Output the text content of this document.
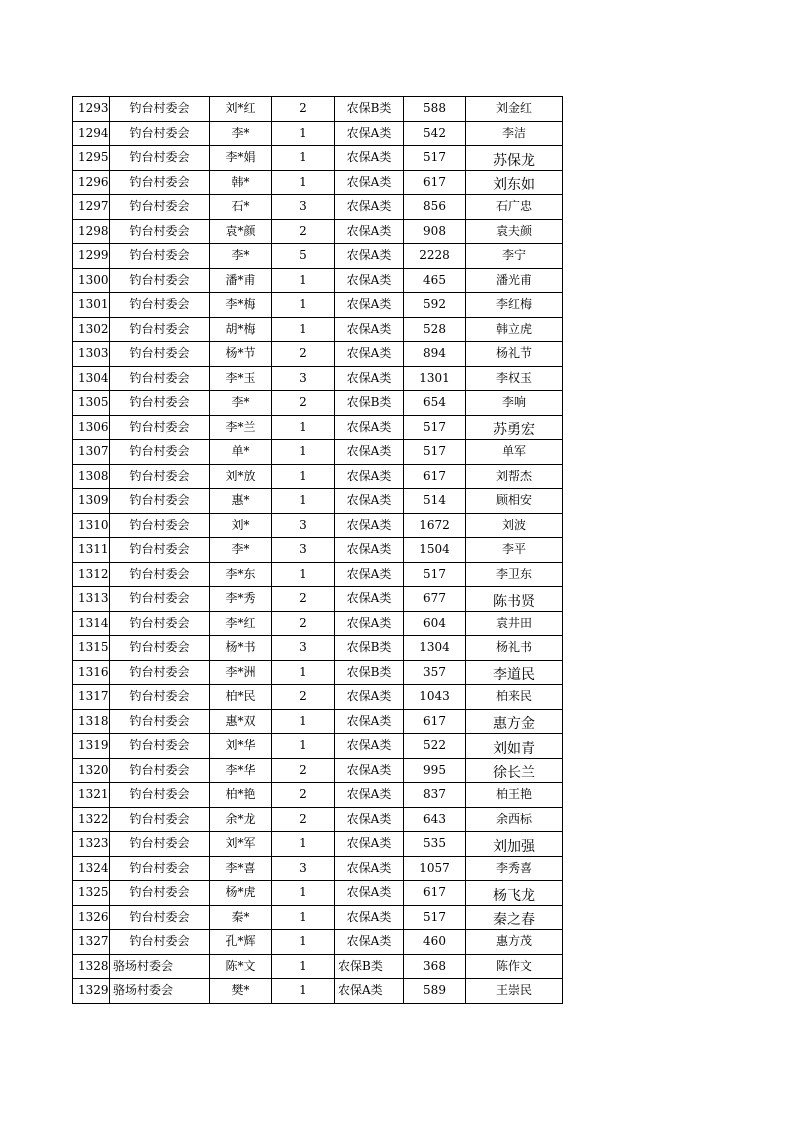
1293	钓台村委会	刘*红	2	农保B类	588	刘金红
1294	钓台村委会	李*	1	农保A类	542	李洁
1295	钓台村委会	李*娟	1	农保A类	517	苏保龙
1296	钓台村委会	韩*	1	农保A类	617	刘东如
1297	钓台村委会	石*	3	农保A类	856	石广忠
1298	钓台村委会	袁*颜	2	农保A类	908	袁夫颜
1299	钓台村委会	李*	5	农保A类	2228	李宁
1300	钓台村委会	潘*甫	1	农保A类	465	潘光甫
1301	钓台村委会	李*梅	1	农保A类	592	李红梅
1302	钓台村委会	胡*梅	1	农保A类	528	韩立虎
1303	钓台村委会	杨*节	2	农保A类	894	杨礼节
1304	钓台村委会	李*玉	3	农保A类	1301	李权玉
1305	钓台村委会	李*	2	农保B类	654	李响
1306	钓台村委会	李*兰	1	农保A类	517	苏勇宏
1307	钓台村委会	单*	1	农保A类	517	单军
1308	钓台村委会	刘*放	1	农保A类	617	刘帮杰
1309	钓台村委会	惠*	1	农保A类	514	顾相安
1310	钓台村委会	刘*	3	农保A类	1672	刘波
1311	钓台村委会	李*	3	农保A类	1504	李平
1312	钓台村委会	李*东	1	农保A类	517	李卫东
1313	钓台村委会	李*秀	2	农保A类	677	陈书贤
1314	钓台村委会	李*红	2	农保A类	604	袁井田
1315	钓台村委会	杨*书	3	农保B类	1304	杨礼书
1316	钓台村委会	李*洲	1	农保B类	357	李道民
1317	钓台村委会	柏*民	2	农保A类	1043	柏来民
1318	钓台村委会	惠*双	1	农保A类	617	惠方金
1319	钓台村委会	刘*华	1	农保A类	522	刘如青
1320	钓台村委会	李*华	2	农保A类	995	徐长兰
1321	钓台村委会	柏*艳	2	农保A类	837	柏王艳
1322	钓台村委会	余*龙	2	农保A类	643	余西标
1323	钓台村委会	刘*军	1	农保A类	535	刘加强
1324	钓台村委会	李*喜	3	农保A类	1057	李秀喜
1325	钓台村委会	杨*虎	1	农保A类	617	杨飞龙
1326	钓台村委会	秦*	1	农保A类	517	秦之春
1327	钓台村委会	孔*辉	1	农保A类	460	惠方茂
1328	骆场村委会	陈*文	1	农保B类	368	陈作文
1329	骆场村委会	樊*	1	农保A类	589	王崇民
